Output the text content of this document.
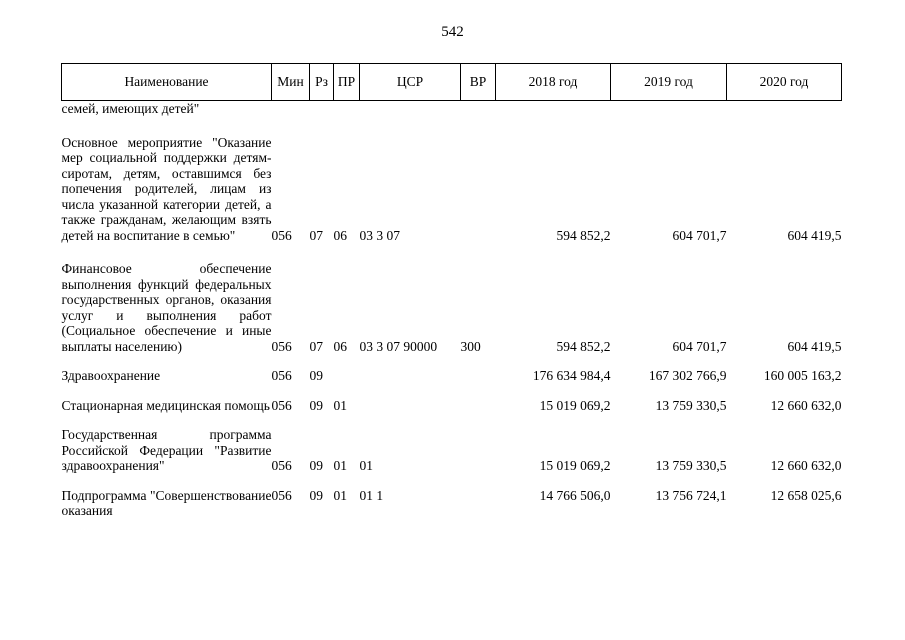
542
Наименование	Мин	Рз	ПР	ЦСР	ВР	2018 год	2019 год	2020 год
семей, имеющих детей"								

Основное мероприятие "Оказание мер социальной поддержки детям-сиротам, детям, оставшимся без попечения родителей, лицам из числа указанной категории детей, а также гражданам, желающим взять детей на воспитание в семью"	056	07	06	03 3 07		594 852,2	604 701,7	604 419,5

Финансовое обеспечение выполнения функций федеральных государственных органов, оказания услуг и выполнения работ (Социальное обеспечение и иные выплаты населению)	056	07	06	03 3 07 90000	300	594 852,2	604 701,7	604 419,5

Здравоохранение	056	09				176 634 984,4	167 302 766,9	160 005 163,2

Стационарная медицинская помощь	056	09	01			15 019 069,2	13 759 330,5	12 660 632,0

Государственная программа Российской Федерации "Развитие здравоохранения"	056	09	01	01		15 019 069,2	13 759 330,5	12 660 632,0

Подпрограмма "Совершенствование оказания	056	09	01	01 1		14 766 506,0	13 756 724,1	12 658 025,6
